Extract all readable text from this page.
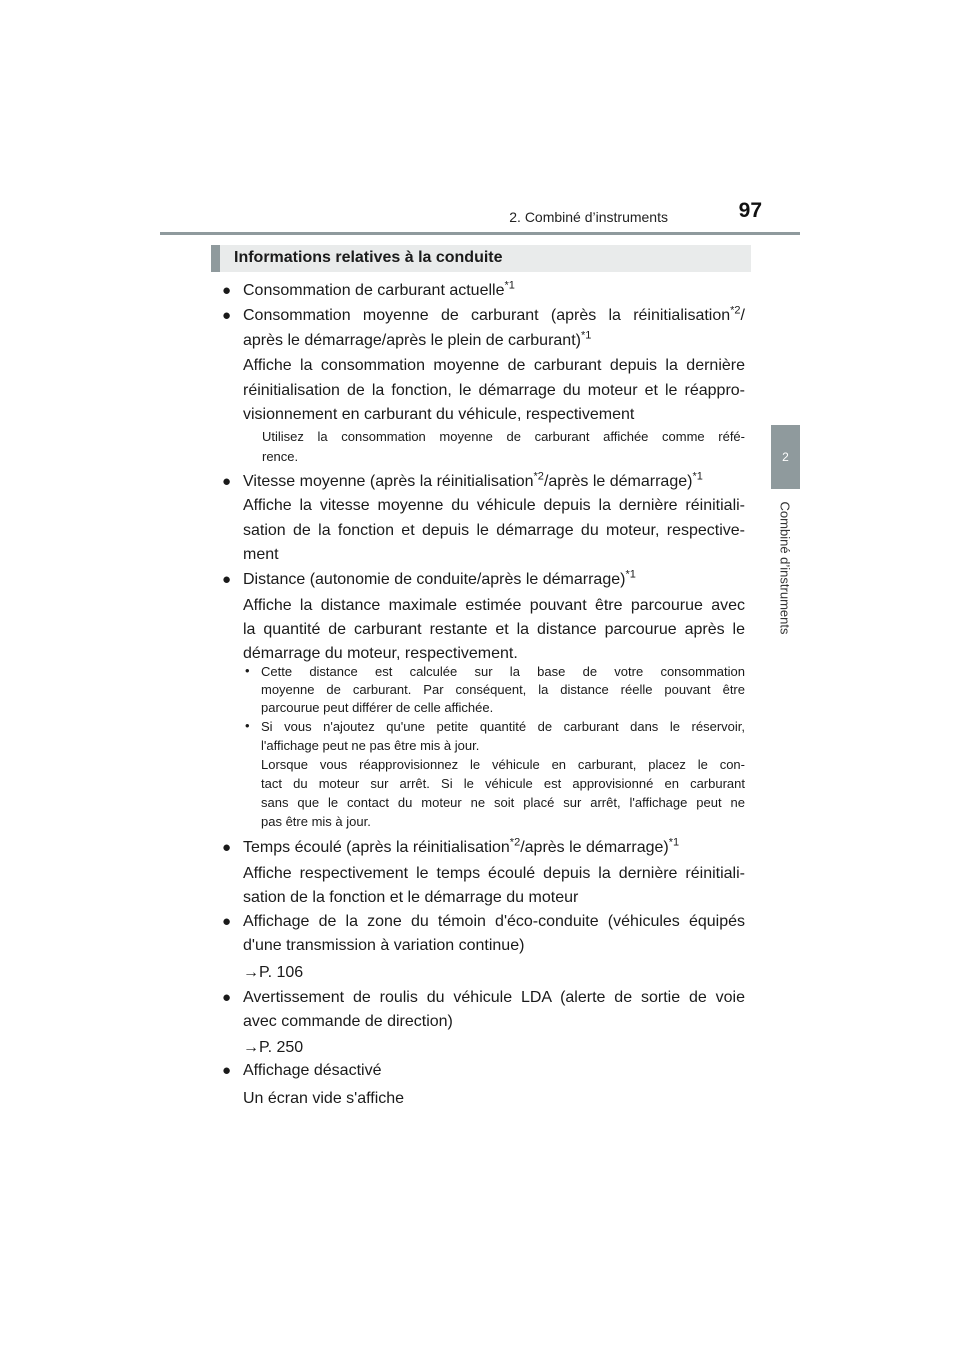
2. Combiné d’instruments	97
2
Combiné d’instruments
Informations relatives à la conduite
● Consommation de carburant actuelle$^{*1}$
● Consommation moyenne de carburant (après la réinitialisation$^{*2}$/
après le démarrage/après le plein de carburant)$^{*1}$
Affiche la consommation moyenne de carburant depuis la dernière
réinitialisation de la fonction, le démarrage du moteur et le réappro-
visionnement en carburant du véhicule, respectivement
Utilisez la consommation moyenne de carburant affichée comme réfé-
rence.
● Vitesse moyenne (après la réinitialisation$^{*2}$/après le démarrage)$^{*1}$
Affiche la vitesse moyenne du véhicule depuis la dernière réinitiali-
sation de la fonction et depuis le démarrage du moteur, respective-
ment
● Distance (autonomie de conduite/après le démarrage)$^{*1}$
Affiche la distance maximale estimée pouvant être parcourue avec
la quantité de carburant restante et la distance parcourue après le
démarrage du moteur, respectivement.
• Cette distance est calculée sur la base de votre consommation
moyenne de carburant. Par conséquent, la distance réelle pouvant être
parcourue peut différer de celle affichée.
• Si vous n'ajoutez qu'une petite quantité de carburant dans le réservoir,
l'affichage peut ne pas être mis à jour.
Lorsque vous réapprovisionnez le véhicule en carburant, placez le con-
tact du moteur sur arrêt. Si le véhicule est approvisionné en carburant
sans que le contact du moteur ne soit placé sur arrêt, l'affichage peut ne
pas être mis à jour.
● Temps écoulé (après la réinitialisation$^{*2}$/après le démarrage)$^{*1}$
Affiche respectivement le temps écoulé depuis la dernière réinitiali-
sation de la fonction et le démarrage du moteur
● Affichage de la zone du témoin d'éco-conduite (véhicules équipés
d'une transmission à variation continue)
→P. 106
● Avertissement de roulis du véhicule LDA (alerte de sortie de voie
avec commande de direction)
→P. 250
● Affichage désactivé
Un écran vide s'affiche
